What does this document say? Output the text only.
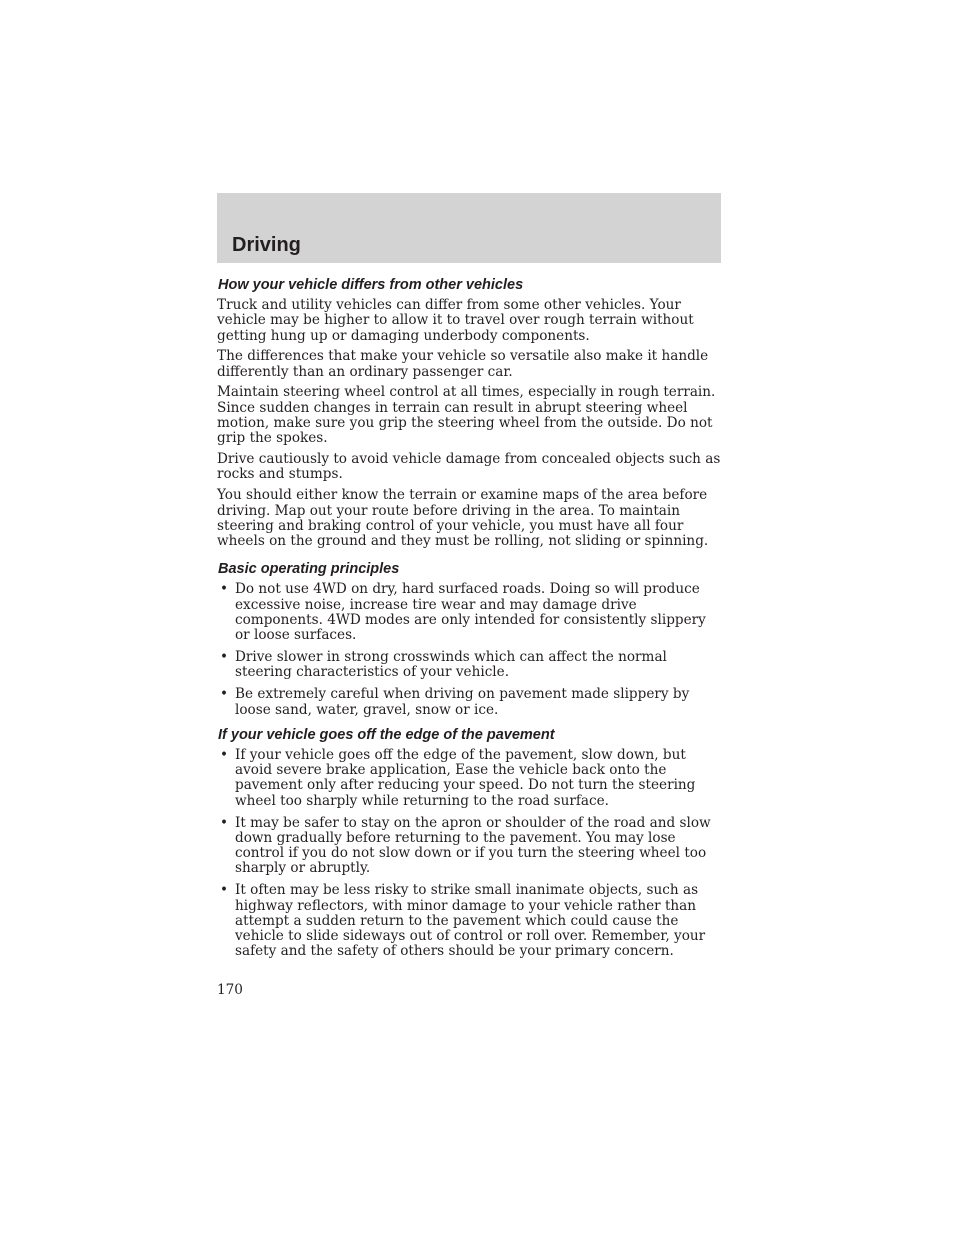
Driving
How your vehicle differs from other vehicles

Truck and utility vehicles can differ from some other vehicles. Your vehicle may be higher to allow it to travel over rough terrain without getting hung up or damaging underbody components.

The differences that make your vehicle so versatile also make it handle differently than an ordinary passenger car.

Maintain steering wheel control at all times, especially in rough terrain. Since sudden changes in terrain can result in abrupt steering wheel motion, make sure you grip the steering wheel from the outside. Do not grip the spokes.

Drive cautiously to avoid vehicle damage from concealed objects such as rocks and stumps.

You should either know the terrain or examine maps of the area before driving. Map out your route before driving in the area. To maintain steering and braking control of your vehicle, you must have all four wheels on the ground and they must be rolling, not sliding or spinning.

Basic operating principles
• Do not use 4WD on dry, hard surfaced roads. Doing so will produce excessive noise, increase tire wear and may damage drive components. 4WD modes are only intended for consistently slippery or loose surfaces.
• Drive slower in strong crosswinds which can affect the normal steering characteristics of your vehicle.
• Be extremely careful when driving on pavement made slippery by loose sand, water, gravel, snow or ice.
If your vehicle goes off the edge of the pavement
• If your vehicle goes off the edge of the pavement, slow down, but avoid severe brake application, Ease the vehicle back onto the pavement only after reducing your speed. Do not turn the steering wheel too sharply while returning to the road surface.
• It may be safer to stay on the apron or shoulder of the road and slow down gradually before returning to the pavement. You may lose control if you do not slow down or if you turn the steering wheel too sharply or abruptly.
• It often may be less risky to strike small inanimate objects, such as highway reflectors, with minor damage to your vehicle rather than attempt a sudden return to the pavement which could cause the vehicle to slide sideways out of control or roll over. Remember, your safety and the safety of others should be your primary concern.
170
